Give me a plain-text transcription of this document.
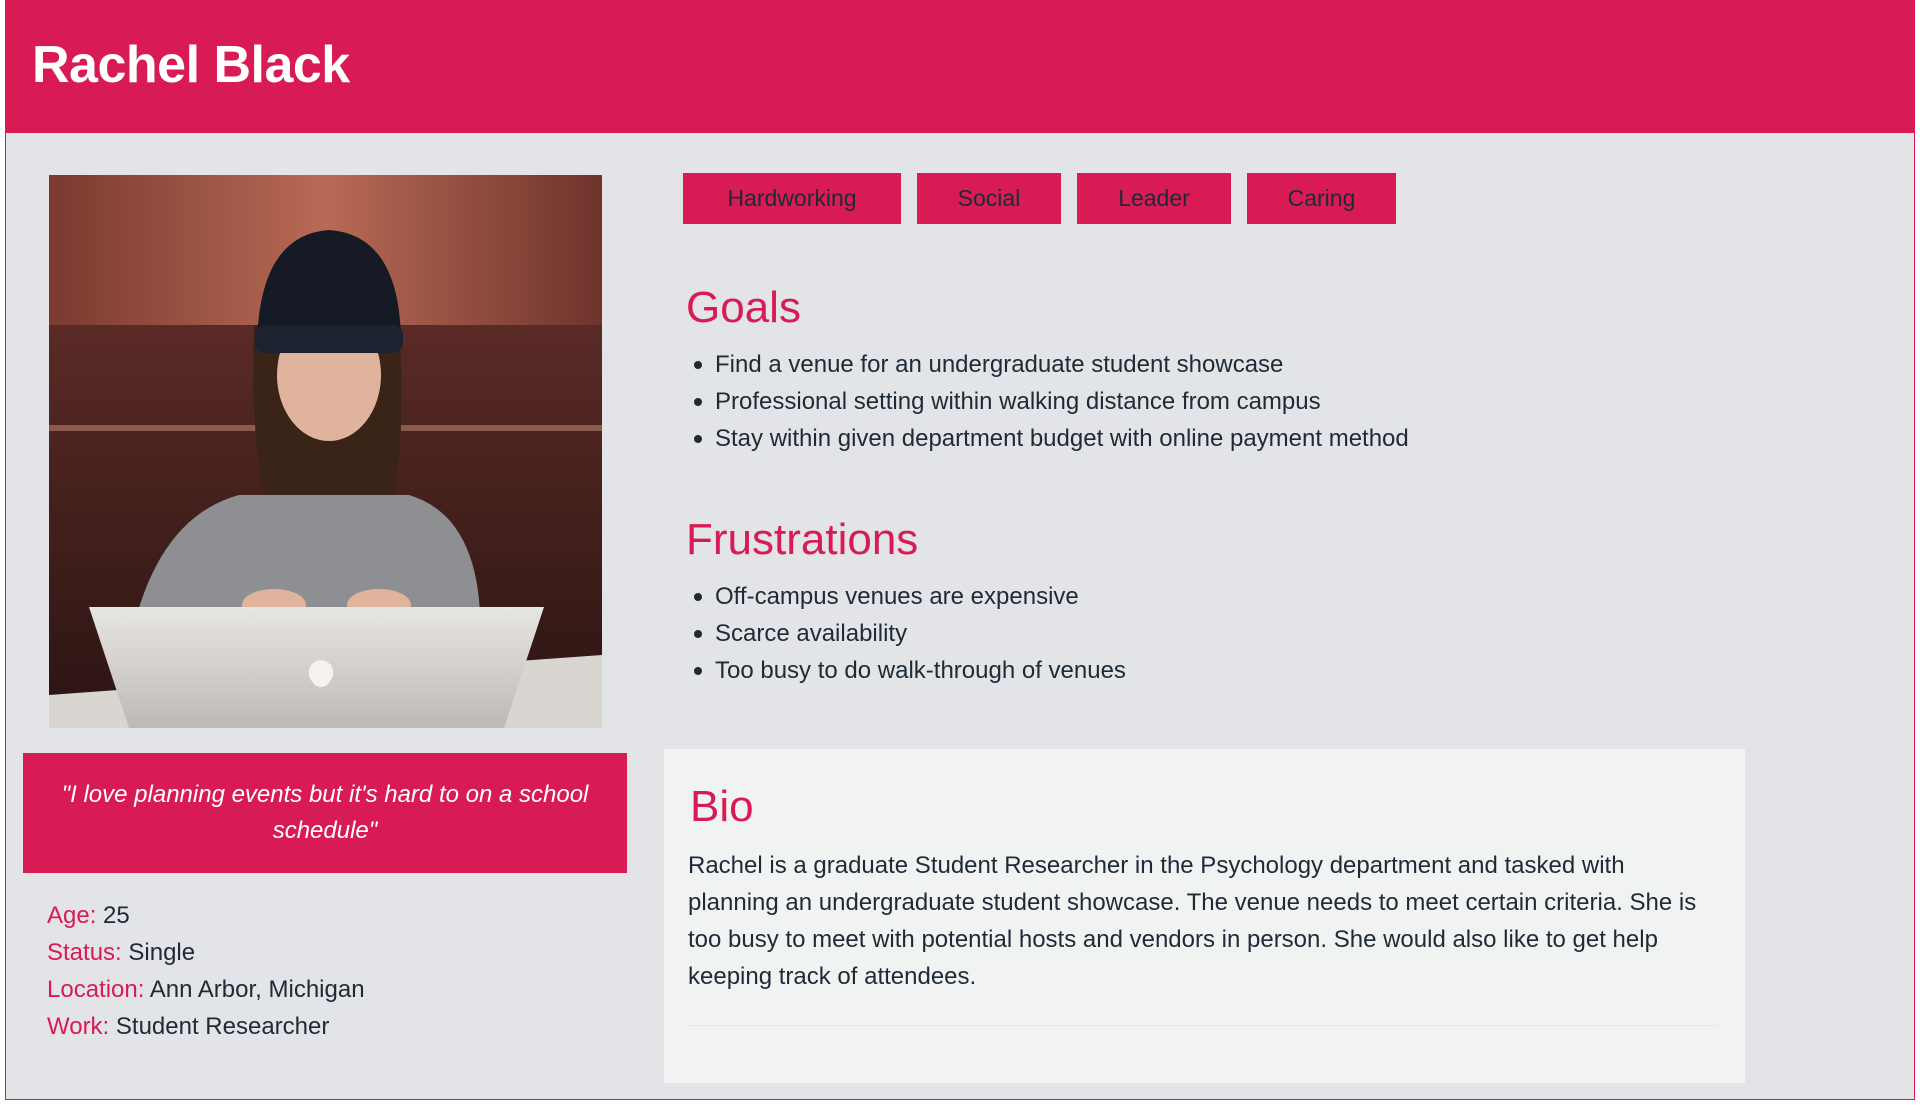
Rachel Black
"I love planning events but it's hard to on a school schedule"
Age: 25
Status: Single
Location: Ann Arbor, Michigan
Work: Student Researcher
Hardworking	Social	Leader	Caring
Goals
Find a venue for an undergraduate student showcase
Professional setting within walking distance from campus
Stay within given department budget with online payment method
Frustrations
Off-campus venues are expensive
Scarce availability
Too busy to do walk-through of venues
Bio

Rachel is a graduate Student Researcher in the Psychology department and tasked with planning an undergraduate student showcase. The venue needs to meet certain criteria. She is too busy to meet with potential hosts and vendors in person. She would also like to get help keeping track of attendees.
